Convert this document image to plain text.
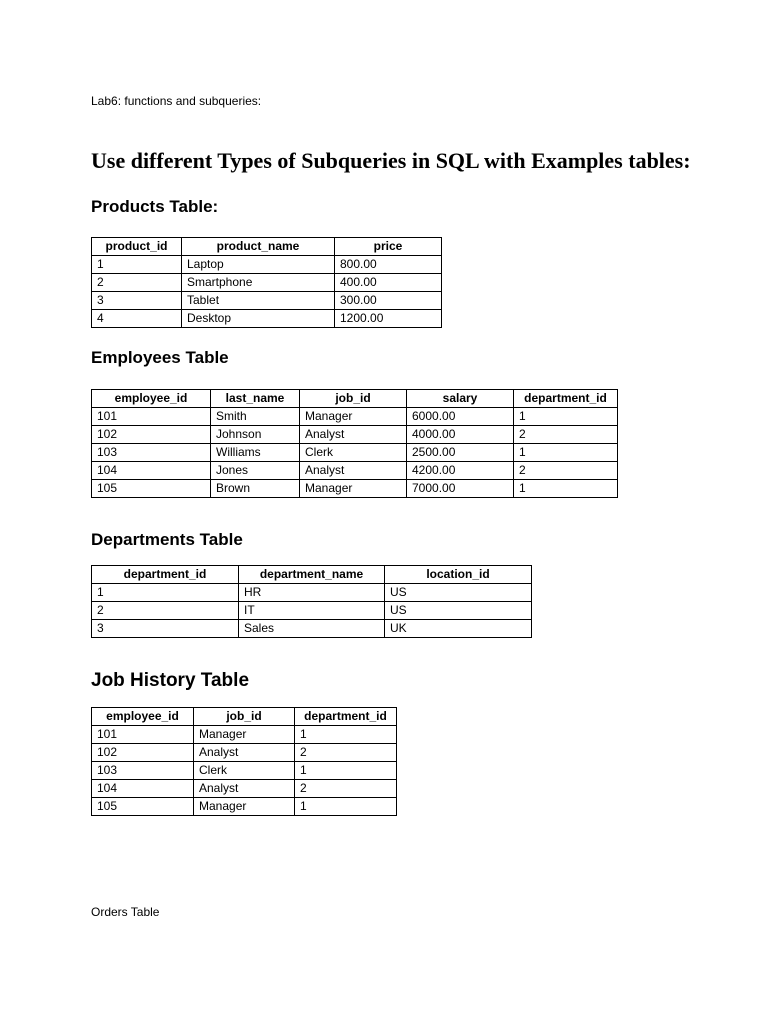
Lab6: functions and subqueries:
Use different Types of Subqueries in SQL with Examples tables:
Products Table:
product_id	product_name	price
1	Laptop	800.00
2	Smartphone	400.00
3	Tablet	300.00
4	Desktop	1200.00
Employees Table
employee_id	last_name	job_id	salary	department_id
101	Smith	Manager	6000.00	1
102	Johnson	Analyst	4000.00	2
103	Williams	Clerk	2500.00	1
104	Jones	Analyst	4200.00	2
105	Brown	Manager	7000.00	1
Departments Table
department_id	department_name	location_id
1	HR	US
2	IT	US
3	Sales	UK
Job History Table
employee_id	job_id	department_id
101	Manager	1
102	Analyst	2
103	Clerk	1
104	Analyst	2
105	Manager	1
Orders Table
